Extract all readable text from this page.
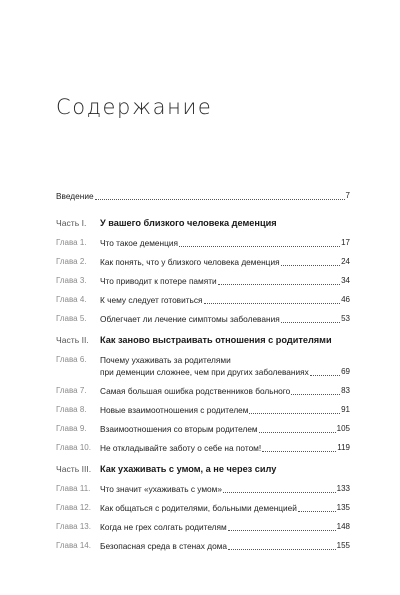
Содержание
Введение	7
Часть I.	У вашего близкого человека деменция
Глава 1.	Что такое деменция	17
Глава 2.	Как понять, что у близкого человека деменция	24
Глава 3.	Что приводит к потере памяти	34
Глава 4.	К чему следует готовиться	46
Глава 5.	Облегчает ли лечение симптомы заболевания	53
Часть II.	Как заново выстраивать отношения с родителями
Глава 6.	Почему ухаживать за родителями
при деменции сложнее, чем при других заболеваниях	69
Глава 7.	Самая большая ошибка родственников больного	83
Глава 8.	Новые взаимоотношения с родителем	91
Глава 9.	Взаимоотношения со вторым родителем	105
Глава 10.	Не откладывайте заботу о себе на потом!	119
Часть III. Как ухаживать с умом, а не через силу
Глава 11.	Что значит «ухаживать с умом»	133
Глава 12.	Как общаться с родителями, больными деменцией	135
Глава 13.	Когда не грех солгать родителям	148
Глава 14.	Безопасная среда в стенах дома	155
